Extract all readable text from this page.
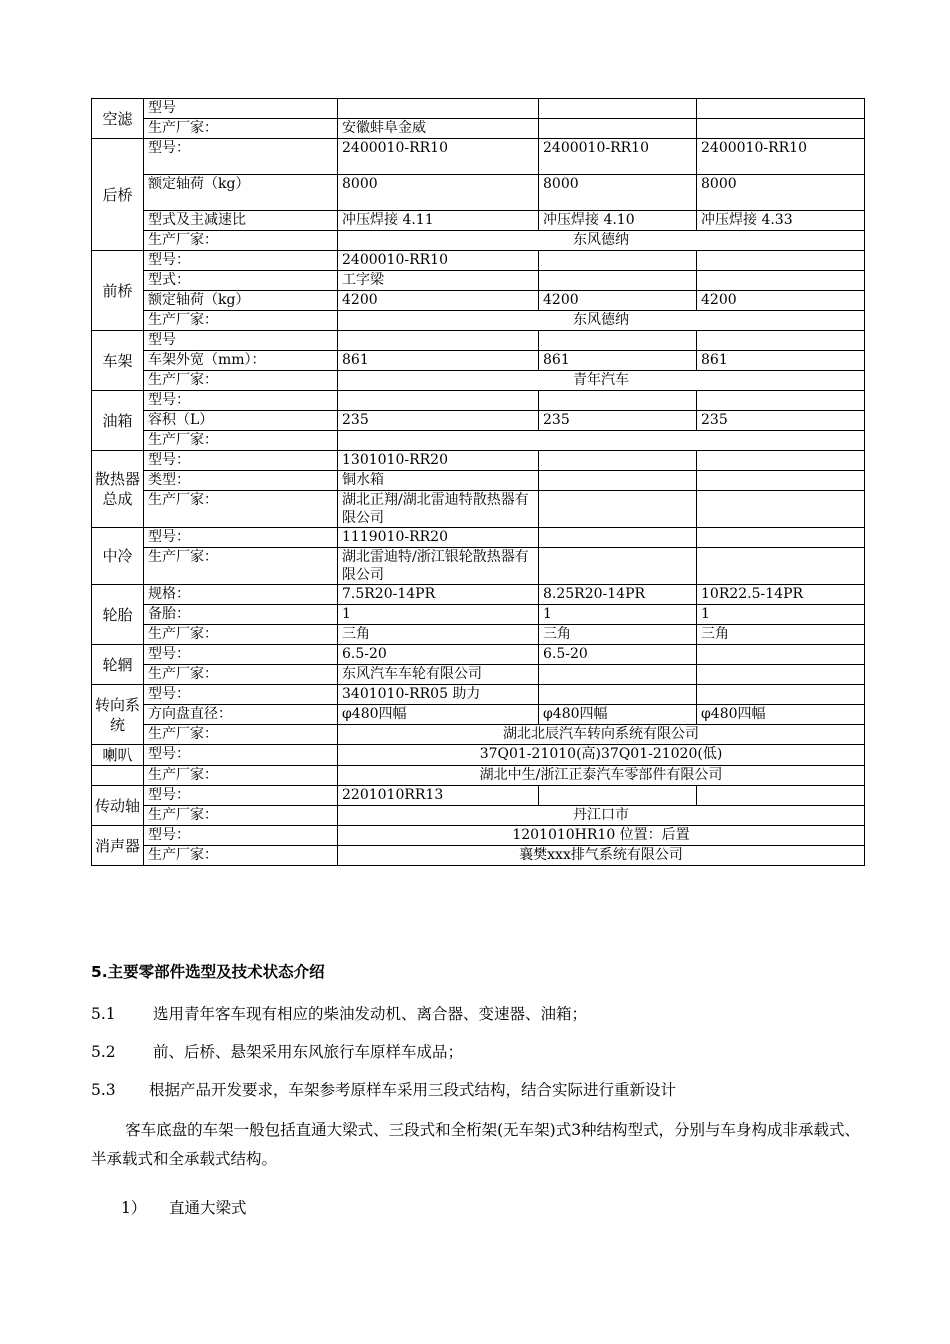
空滤	型号			
	生产厂家：	安徽蚌阜金威		
后桥	型号：	2400010-RR10	2400010-RR10	2400010-RR10
	额定轴荷（kg）	8000	8000	8000
	型式及主减速比	冲压焊接 4.11	冲压焊接 4.10	冲压焊接 4.33
	生产厂家：	东风德纳		
前桥	型号：	2400010-RR10		
	型式：	工字梁		
	额定轴荷（kg）	4200	4200	4200
	生产厂家：	东风德纳		
车架	型号			
	车架外宽（mm）：	861	861	861
	生产厂家：	青年汽车		
油箱	型号：			
	容积（L）	235	235	235
	生产厂家：			
散热器总成	型号：	1301010-RR20		
	类型：	铜水箱		
	生产厂家：	湖北正翔/湖北雷迪特散热器有限公司		
中冷	型号：	1119010-RR20		
	生产厂家：	湖北雷迪特/浙江银轮散热器有限公司		
轮胎	规格：	7.5R20-14PR	8.25R20-14PR	10R22.5-14PR
	备胎：	1	1	1
	生产厂家：	三角	三角	三角
轮辋	型号：	6.5-20	6.5-20	
	生产厂家：	东风汽车车轮有限公司		
转向系统	型号：	3401010-RR05 助力		
	方向盘直径：	φ480四幅	φ480四幅	φ480四幅
	生产厂家：	湖北北辰汽车转向系统有限公司		
喇叭	型号：	37Q01-21010(高)37Q01-21020(低)		
	生产厂家：	湖北中生/浙江正泰汽车零部件有限公司		
传动轴	型号：	2201010RR13		
	生产厂家：	丹江口市		
消声器	型号：	1201010HR10 位置：后置		
	生产厂家：	襄樊xxx排气系统有限公司		
5.主要零部件选型及技术状态介绍
5.1 选用青年客车现有相应的柴油发动机、离合器、变速器、油箱；
5.2 前、后桥、悬架采用东风旅行车原样车成品；
5.3 根据产品开发要求，车架参考原样车采用三段式结构，结合实际进行重新设计

客车底盘的车架一般包括直通大梁式、三段式和全桁架(无车架)式3种结构型式，分别与车身构成非承载式、半承载式和全承载式结构。

1） 直通大梁式
